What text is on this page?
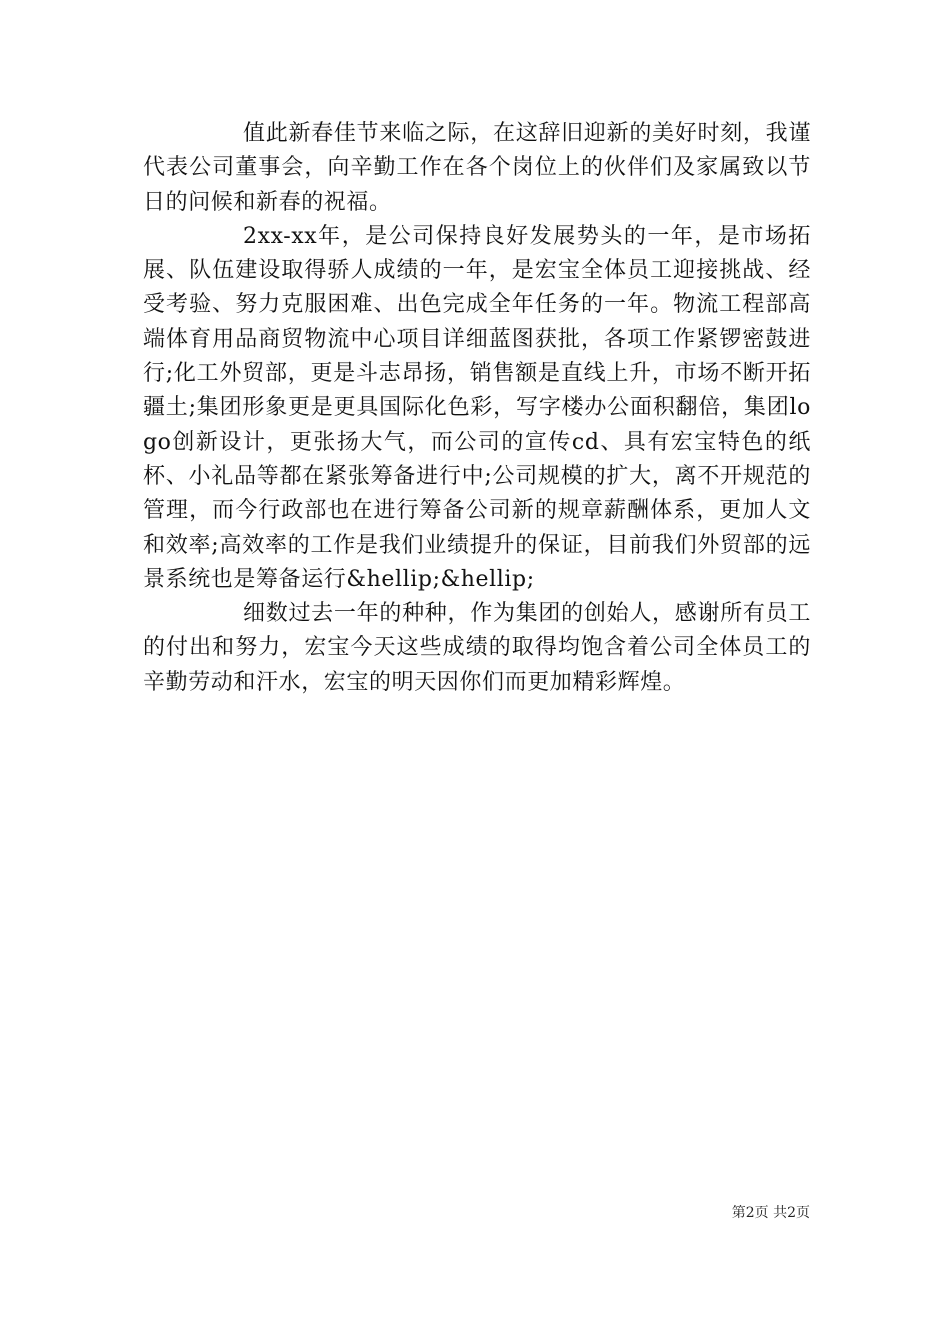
值此新春佳节来临之际，在这辞旧迎新的美好时刻，我谨代表公司董事会，向辛勤工作在各个岗位上的伙伴们及家属致以节日的问候和新春的祝福。

2xx-xx年，是公司保持良好发展势头的一年，是市场拓展、队伍建设取得骄人成绩的一年，是宏宝全体员工迎接挑战、经受考验、努力克服困难、出色完成全年任务的一年。物流工程部高端体育用品商贸物流中心项目详细蓝图获批，各项工作紧锣密鼓进行;化工外贸部，更是斗志昂扬，销售额是直线上升，市场不断开拓疆土;集团形象更是更具国际化色彩，写字楼办公面积翻倍，集团logo创新设计，更张扬大气，而公司的宣传cd、具有宏宝特色的纸杯、小礼品等都在紧张筹备进行中;公司规模的扩大，离不开规范的管理，而今行政部也在进行筹备公司新的规章薪酬体系，更加人文和效率;高效率的工作是我们业绩提升的保证，目前我们外贸部的远景系统也是筹备运行&hellip;&hellip;

细数过去一年的种种，作为集团的创始人，感谢所有员工的付出和努力，宏宝今天这些成绩的取得均饱含着公司全体员工的辛勤劳动和汗水，宏宝的明天因你们而更加精彩辉煌。

第2页 共2页
